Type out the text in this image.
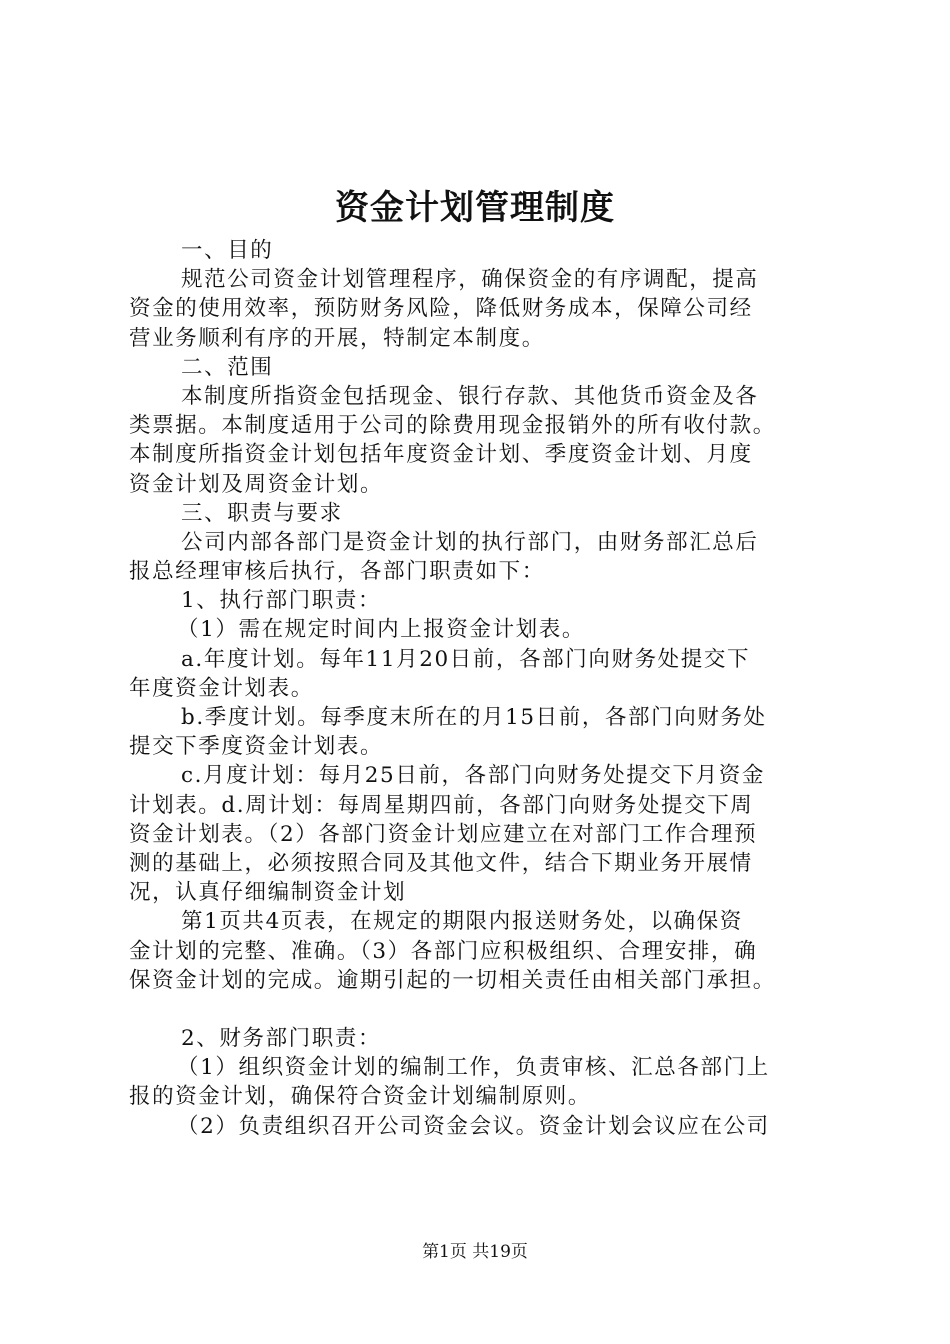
资金计划管理制度
一、目的
规范公司资金计划管理程序，确保资金的有序调配，提高
资金的使用效率，预防财务风险，降低财务成本，保障公司经
营业务顺利有序的开展，特制定本制度。
二、范围
本制度所指资金包括现金、银行存款、其他货币资金及各
类票据。本制度适用于公司的除费用现金报销外的所有收付款。
本制度所指资金计划包括年度资金计划、季度资金计划、月度
资金计划及周资金计划。
三、职责与要求
公司内部各部门是资金计划的执行部门，由财务部汇总后
报总经理审核后执行，各部门职责如下：
1、执行部门职责：
（1）需在规定时间内上报资金计划表。
a.年度计划。每年11月20日前，各部门向财务处提交下
年度资金计划表。
b.季度计划。每季度末所在的月15日前，各部门向财务处
提交下季度资金计划表。
c.月度计划：每月25日前，各部门向财务处提交下月资金
计划表。d.周计划：每周星期四前，各部门向财务处提交下周
资金计划表。（2）各部门资金计划应建立在对部门工作合理预
测的基础上，必须按照合同及其他文件，结合下期业务开展情
况，认真仔细编制资金计划
第1页共4页表，在规定的期限内报送财务处，以确保资
金计划的完整、准确。（3）各部门应积极组织、合理安排，确
保资金计划的完成。逾期引起的一切相关责任由相关部门承担。
2、财务部门职责：
（1）组织资金计划的编制工作，负责审核、汇总各部门上
报的资金计划，确保符合资金计划编制原则。
（2）负责组织召开公司资金会议。资金计划会议应在公司
第1页 共19页
